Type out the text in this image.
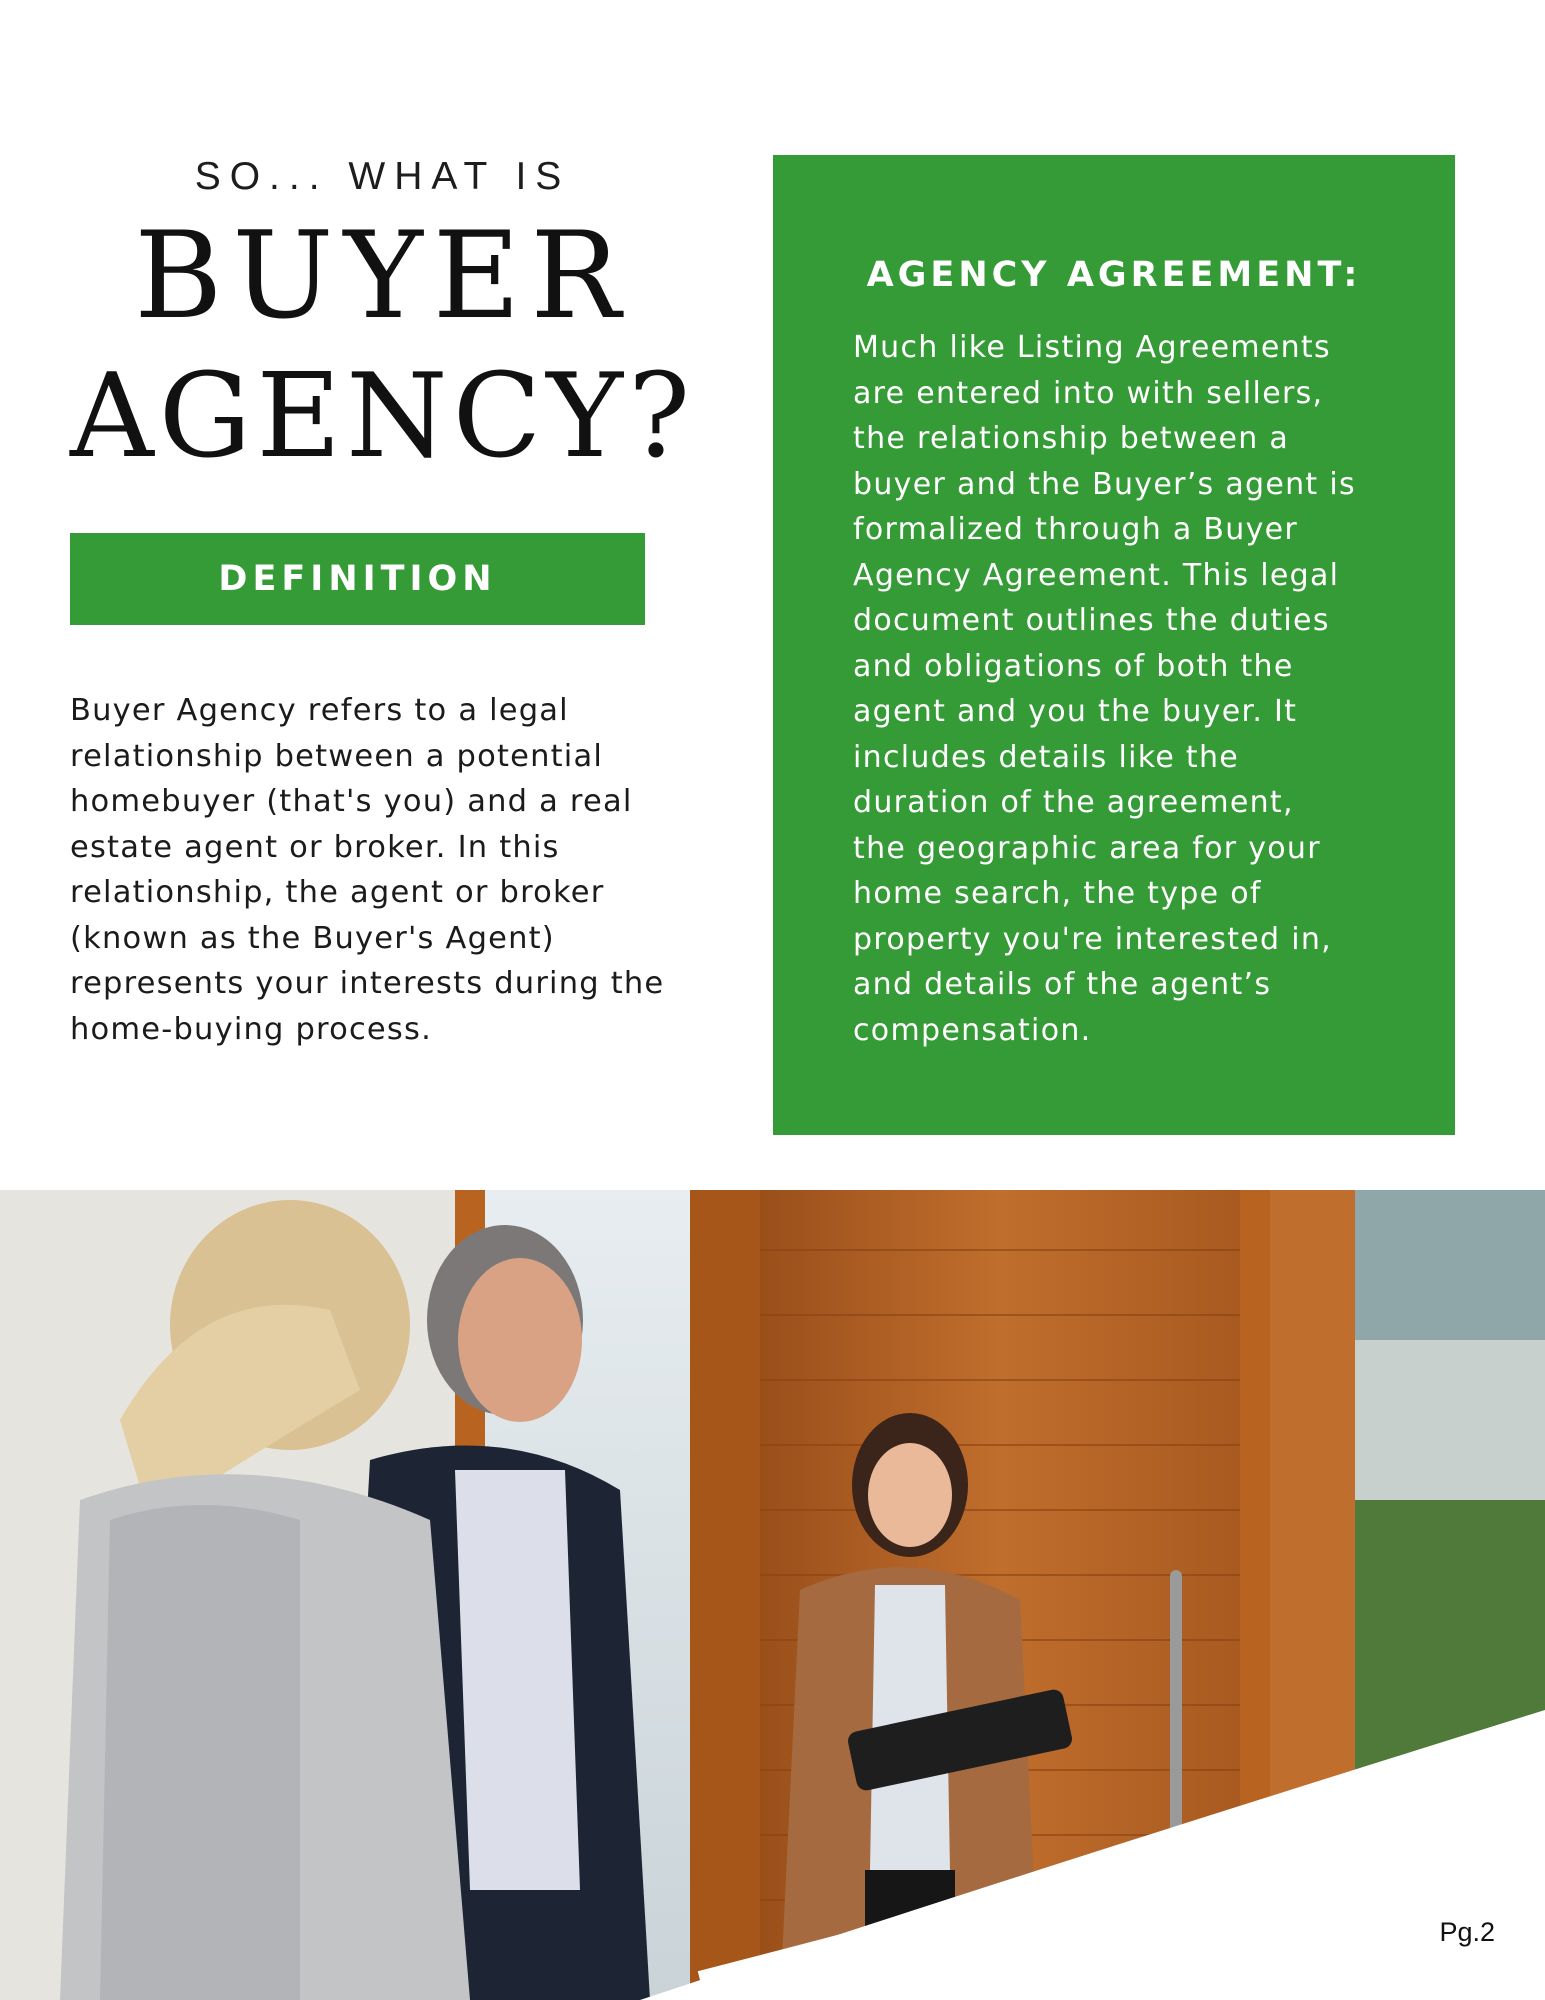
SO... WHAT IS
BUYER
AGENCY?
DEFINITION
Buyer Agency refers to a legal
relationship between a potential
homebuyer (that's you) and a real
estate agent or broker. In this
relationship, the agent or broker
(known as the Buyer's Agent)
represents your interests during the
home-buying process.
AGENCY AGREEMENT:
Much like Listing Agreements
are entered into with sellers,
the relationship between a
buyer and the Buyer’s agent is
formalized through a Buyer
Agency Agreement. This legal
document outlines the duties
and obligations of both the
agent and you the buyer. It
includes details like the
duration of the agreement,
the geographic area for your
home search, the type of
property you're interested in,
and details of the agent’s
compensation.
Pg.2
